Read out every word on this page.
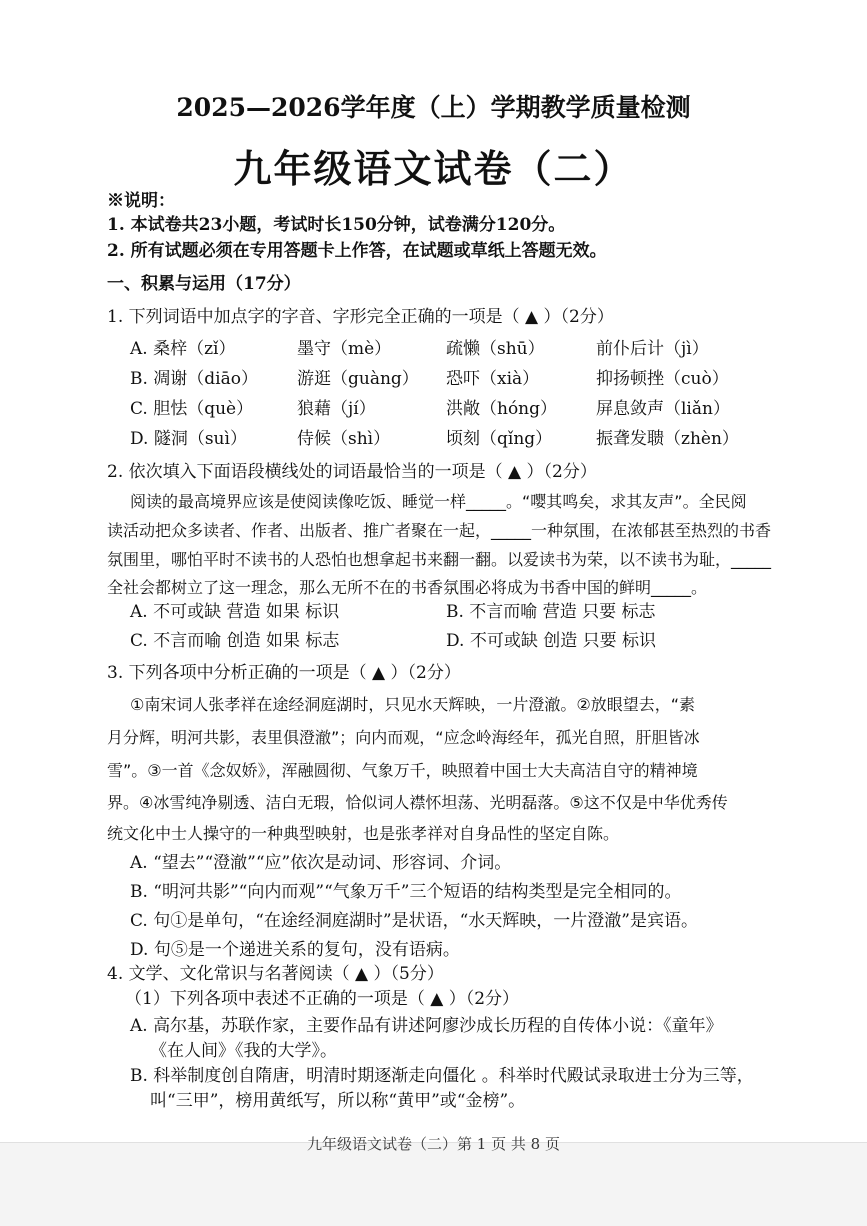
2025—2026学年度（上）学期教学质量检测
九年级语文试卷（二）
※说明：
1. 本试卷共23小题，考试时长150分钟，试卷满分120分。
2. 所有试题必须在专用答题卡上作答，在试题或草纸上答题无效。
一、积累与运用（17分）
1. 下列词语中加点字的字音、字形完全正确的一项是（ ▲ ）（2分）
A. 桑梓（zǐ）	墨守（mè）	疏懒（shū）	前仆后计（jì）
B. 凋谢（diāo） 游逛（guàng） 恐吓（xià）	抑扬顿挫（cuò）
C. 胆怯（què）	狼藉（jí）	洪敞（hóng） 屏息敛声（liǎn）
D. 隧洞（suì）	侍候（shì）	顷刻（qǐng）	振聋发聩（zhèn）
2. 依次填入下面语段横线处的词语最恰当的一项是（ ▲ ）（2分）
阅读的最高境界应该是使阅读像吃饭、睡觉一样_____。“嘤其鸣矣，求其友声”。全民阅
读活动把众多读者、作者、出版者、推广者聚在一起，_____一种氛围，在浓郁甚至热烈的书香
氛围里，哪怕平时不读书的人恐怕也想拿起书来翻一翻。以爱读书为荣，以不读书为耻，_____
全社会都树立了这一理念，那么无所不在的书香氛围必将成为书香中国的鲜明_____。
A. 不可或缺 营造 如果 标识	B. 不言而喻 营造 只要 标志
C. 不言而喻 创造 如果 标志	D. 不可或缺 创造 只要 标识
3. 下列各项中分析正确的一项是（ ▲ ）（2分）
①南宋词人张孝祥在途经洞庭湖时，只见水天辉映，一片澄澈。②放眼望去，“素
月分辉，明河共影，表里俱澄澈”；向内而观，“应念岭海经年，孤光自照，肝胆皆冰
雪”。③一首《念奴娇》，浑融圆彻、气象万千，映照着中国士大夫高洁自守的精神境
界。④冰雪纯净剔透、洁白无瑕，恰似词人襟怀坦荡、光明磊落。⑤这不仅是中华优秀传
统文化中士人操守的一种典型映射，也是张孝祥对自身品性的坚定自陈。
A. “望去”“澄澈”“应”依次是动词、形容词、介词。
B. “明河共影”“向内而观”“气象万千”三个短语的结构类型是完全相同的。
C. 句①是单句，“在途经洞庭湖时”是状语，“水天辉映，一片澄澈”是宾语。
D. 句⑤是一个递进关系的复句，没有语病。
4. 文学、文化常识与名著阅读（ ▲ ）（5分）
（1）下列各项中表述不正确的一项是（ ▲ ）（2分）
A. 高尔基，苏联作家，主要作品有讲述阿廖沙成长历程的自传体小说：《童年》
《在人间》《我的大学》。
B. 科举制度创自隋唐，明清时期逐渐走向僵化 。科举时代殿试录取进士分为三等，
叫“三甲”，榜用黄纸写，所以称“黄甲”或“金榜”。
九年级语文试卷（二）第 1 页 共 8 页
